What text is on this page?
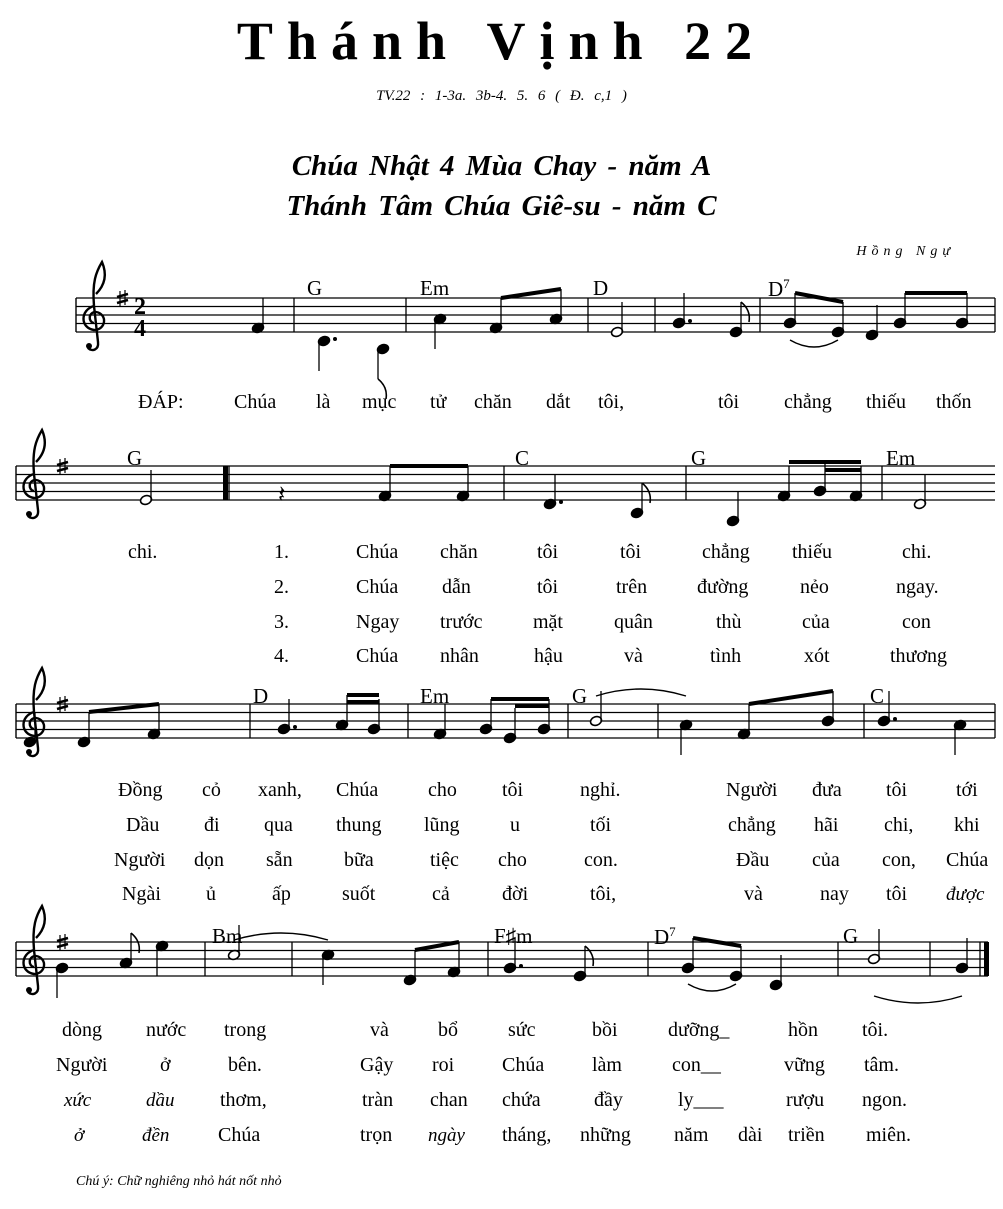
Thánh Vịnh 22
TV.22 : 1-3a. 3b-4. 5. 6 ( Đ. c,1 )
Chúa Nhật 4 Mùa Chay - năm A
Thánh Tâm Chúa Giê-su - năm C
Hồng Ngự
2
4
𝄽
G	Em	D	$D^7$
G	C	G	Em
D	Em	G	C
Bm	F♯m	$D^7$	G
ĐÁP:	Chúa là mục tử chăn dắt tôi,	tôi chẳng thiếu thốn
chi.	1.	Chúa chăn	tôi	tôi	chẳng thiếu	chi.
2.	Chúa dẫn	tôi	trên đường	nẻo	ngay.
3.	Ngay trước	mặt	quân	thù	của	con
4.	Chúa nhân	hậu	và	tình	xót	thương
Đồng cỏ xanh, Chúa cho tôi	nghỉ.	Người đưa tôi tới
Dầu đi qua thung lũng	u	tối	chẳng hãi chi, khi
Người dọn sẵn	bữa	tiệc cho	con.	Đầu của con, Chúa
Ngài ủ	ấp	suốt	cả	đời	tôi,	và	nay tôi được
dòng nước trong	và bổ	sức	bồi	dưỡng_	hồn tôi.
Người	ở	bên.	Gậy roi Chúa làm	con__	vững tâm.
xức	dầu thơm,	tràn chan chứa	đầy	ly___	rượu ngon.
ở	đền Chúa	trọn ngày tháng, những năm dài triền miên.
Chú ý: Chữ nghiêng nhỏ hát nốt nhỏ
